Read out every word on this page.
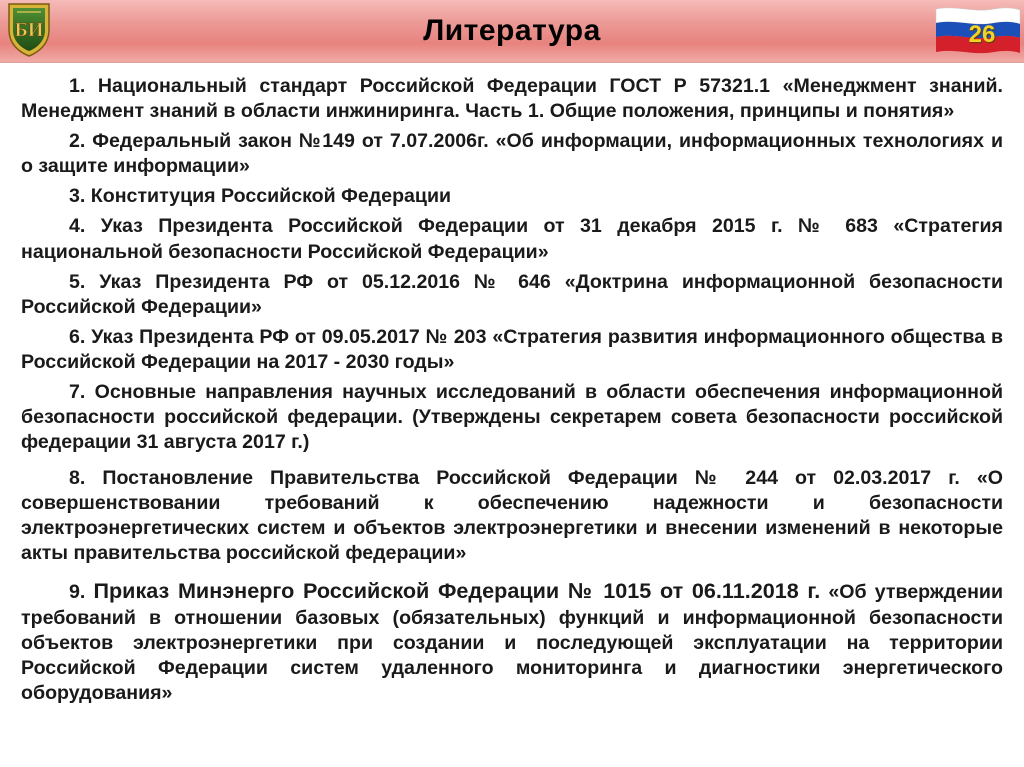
БИ	Литература	26

1. Национальный стандарт Российской Федерации ГОСТ Р 57321.1 «Менеджмент знаний. Менеджмент знаний в области инжиниринга. Часть 1. Общие положения, принципы и понятия»

2. Федеральный закон №149 от 7.07.2006г. «Об информации, информационных технологиях и о защите информации»

3. Конституция Российской Федерации

4. Указ Президента Российской Федерации от 31 декабря 2015 г. № 683 «Стратегия национальной безопасности Российской Федерации»

5. Указ Президента РФ от 05.12.2016 № 646 «Доктрина информационной безопасности Российской Федерации»

6. Указ Президента РФ от 09.05.2017 № 203 «Стратегия развития информационного общества в Российской Федерации на 2017 - 2030 годы»

7. Основные направления научных исследований в области обеспечения информационной безопасности российской федерации. (Утверждены секретарем совета безопасности российской федерации 31 августа 2017 г.)

8. Постановление Правительства Российской Федерации № 244 от 02.03.2017 г. «О совершенствовании требований к обеспечению надежности и безопасности электроэнергетических систем и объектов электроэнергетики и внесении изменений в некоторые акты правительства российской федерации»

9. Приказ Минэнерго Российской Федерации № 1015 от 06.11.2018 г. «Об утверждении требований в отношении базовых (обязательных) функций и информационной безопасности объектов электроэнергетики при создании и последующей эксплуатации на территории Российской Федерации систем удаленного мониторинга и диагностики энергетического оборудования»
